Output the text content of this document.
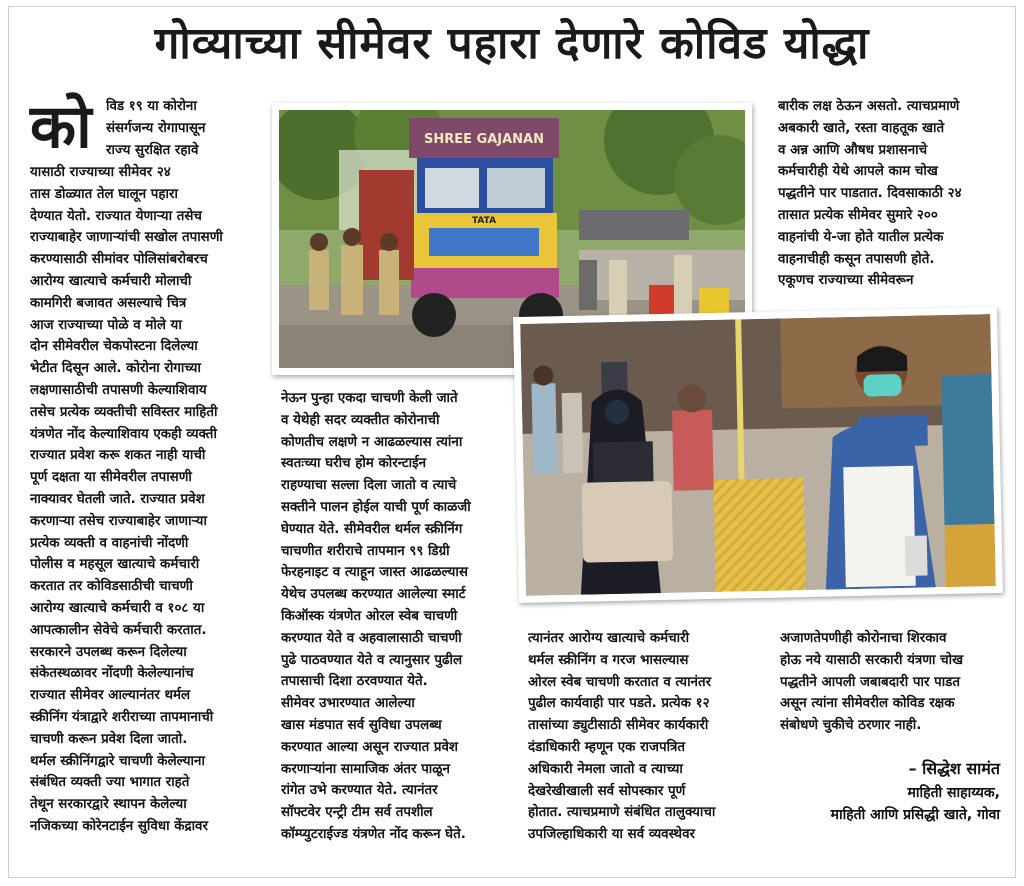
गोव्याच्या सीमेवर पहारा देणारे कोविड योद्धा
को विड १९ या कोरोना
संसर्गजन्य रोगापासून
राज्य सुरक्षित रहावे
यासाठी राज्याच्या सीमेवर २४
तास डोळ्यात तेल घालून पहारा
देण्यात येतो. राज्यात येणाऱ्या तसेच
राज्याबाहेर जाणाऱ्यांची सखोल तपासणी
करण्यासाठी सीमांवर पोलिसांबरोबरच
आरोग्य खात्याचे कर्मचारी मोलाची
कामगिरी बजावत असल्याचे चित्र
आज राज्याच्या पोळे व मोले या
दोन सीमेवरील चेकपोस्टना दिलेल्या
भेटीत दिसून आले. कोरोना रोगाच्या
लक्षणासाठीची तपासणी केल्याशिवाय
तसेच प्रत्येक व्यक्तीची सविस्तर माहिती
यंत्रणेत नोंद केल्याशिवाय एकही व्यक्ती
राज्यात प्रवेश करू शकत नाही याची
पूर्ण दक्षता या सीमेवरील तपासणी
नाक्यावर घेतली जाते. राज्यात प्रवेश
करणाऱ्या तसेच राज्याबाहेर जाणाऱ्या
प्रत्येक व्यक्ती व वाहनांची नोंदणी
पोलीस व महसूल खात्याचे कर्मचारी
करतात तर कोविडसाठीची चाचणी
आरोग्य खात्याचे कर्मचारी व १०८ या
आपत्कालीन सेवेचे कर्मचारी करतात.
सरकारने उपलब्ध करून दिलेल्या
संकेतस्थळावर नोंदणी केलेल्यानांच
राज्यात सीमेवर आल्यानंतर थर्मल
स्क्रीनिंग यंत्राद्वारे शरीराच्या तापमानाची
चाचणी करून प्रवेश दिला जातो.
थर्मल स्क्रीनिंगद्वारे चाचणी केलेल्याना
संबंधित व्यक्ती ज्या भागात राहते
तेथून सरकारद्वारे स्थापन केलेल्या
नजिकच्या कोरेनटाईन सुविधा केंद्रावर
नेऊन पुन्हा एकदा चाचणी केली जाते
व येथेही सदर व्यक्तीत कोरोनाची
कोणतीच लक्षणे न आढळल्यास त्यांना
स्वतःच्या घरीच होम कोरन्टाईन
राहण्याचा सल्ला दिला जातो व त्याचे
सक्तीने पालन होईल याची पूर्ण काळजी
घेण्यात येते. सीमेवरील थर्मल स्क्रीनिंग
चाचणीत शरीराचे तापमान ९९ डिग्री
फेरहनाइट व त्याहून जास्त आढळल्यास
येथेच उपलब्ध करण्यात आलेल्या स्मार्ट
किऑस्क यंत्रणेत ओरल स्वेब चाचणी
करण्यात येते व अहवालासाठी चाचणी
पुढे पाठवण्यात येते व त्यानुसार पुढील
तपासाची दिशा ठरवण्यात येते.
सीमेवर उभारण्यात आलेल्या
खास मंडपात सर्व सुविधा उपलब्ध
करण्यात आल्या असून राज्यात प्रवेश
करणाऱ्यांना सामाजिक अंतर पाळून
रांगेत उभे करण्यात येते. त्यानंतर
सॉफ्टवेर एन्ट्री टीम सर्व तपशील
कॉम्प्युटराईज्ड यंत्रणेत नोंद करून घेते.
त्यानंतर आरोग्य खात्याचे कर्मचारी
थर्मल स्क्रीनिंग व गरज भासल्यास
ओरल स्वेब चाचणी करतात व त्यानंतर
पुढील कार्यवाही पार पडते. प्रत्येक १२
तासांच्या ड्युटीसाठी सीमेवर कार्यकारी
दंडाधिकारी म्हणून एक राजपत्रित
अधिकारी नेमला जातो व त्याच्या
देखरेखीखाली सर्व सोपस्कार पूर्ण
होतात. त्याचप्रमाणे संबंधित तालुक्याचा
उपजिल्हाधिकारी या सर्व व्यवस्थेवर
बारीक लक्ष ठेऊन असतो. त्याचप्रमाणे
अबकारी खाते, रस्ता वाहतूक खाते
व अन्न आणि औषध प्रशासनाचे
कर्मचारीही येथे आपले काम चोख
पद्धतीने पार पाडतात. दिवसाकाठी २४
तासात प्रत्येक सीमेवर सुमारे २००
वाहनांची ये-जा होते यातील प्रत्येक
वाहनाचीही कसून तपासणी होते.
एकूणच राज्याच्या सीमेवरून
अजाणतेपणीही कोरोनाचा शिरकाव
होऊ नये यासाठी सरकारी यंत्रणा चोख
पद्धतीने आपली जबाबदारी पार पाडत
असून त्यांना सीमेवरील कोविड रक्षक
संबोधणे चुकीचे ठरणार नाही.
– सिद्धेश सामंत
माहिती साहाय्यक,
माहिती आणि प्रसिद्धी खाते, गोवा
SHREE GAJANAN
TATA
